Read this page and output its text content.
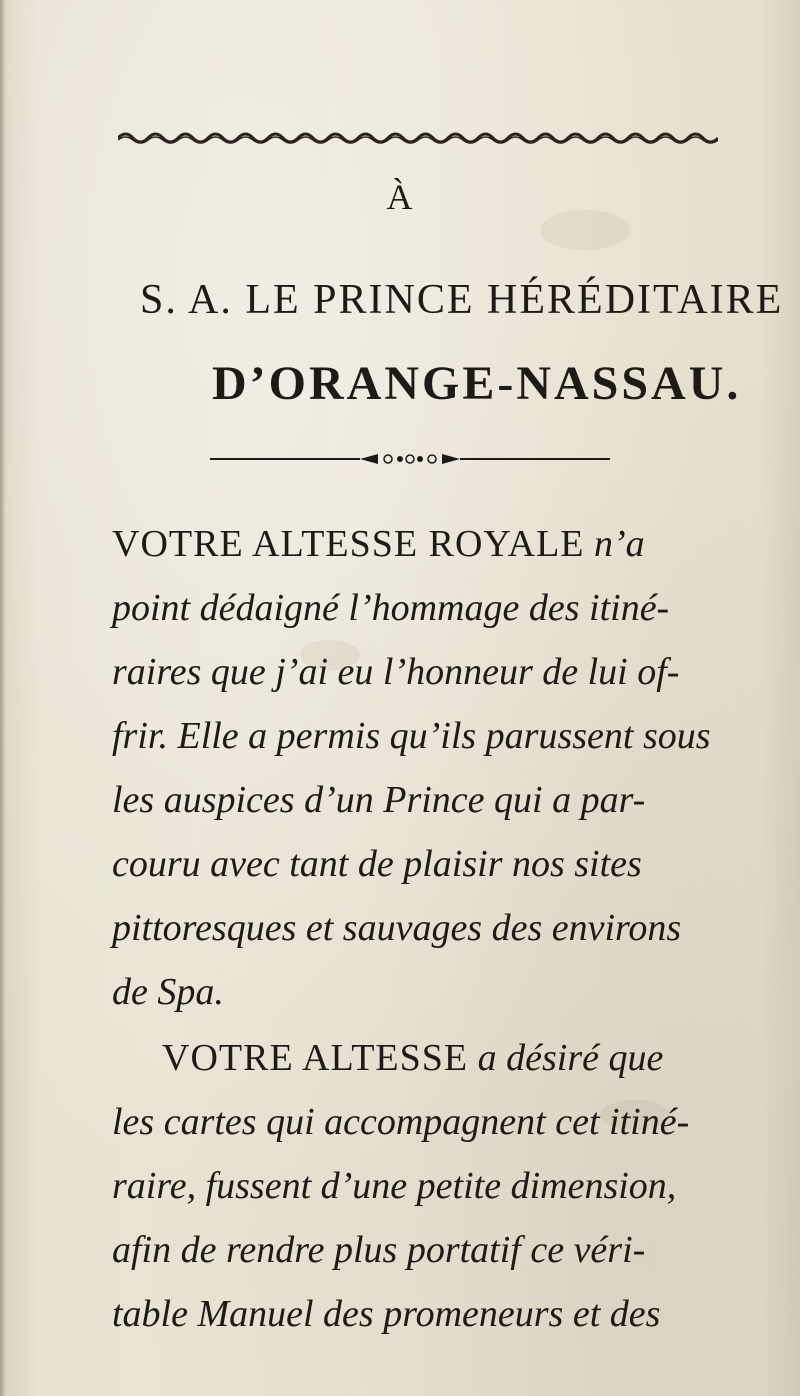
À
S. A. LE PRINCE HÉRÉDITAIRE
D’ORANGE-NASSAU.
VOTRE ALTESSE ROYALE n’a
point dédaigné l’hommage des itiné-
raires que j’ai eu l’honneur de lui of-
frir. Elle a permis qu’ils parussent sous
les auspices d’un Prince qui a par-
couru avec tant de plaisir nos sites
pittoresques et sauvages des environs
de Spa.
VOTRE ALTESSE a désiré que
les cartes qui accompagnent cet itiné-
raire, fussent d’une petite dimension,
afin de rendre plus portatif ce véri-
table Manuel des promeneurs et des
